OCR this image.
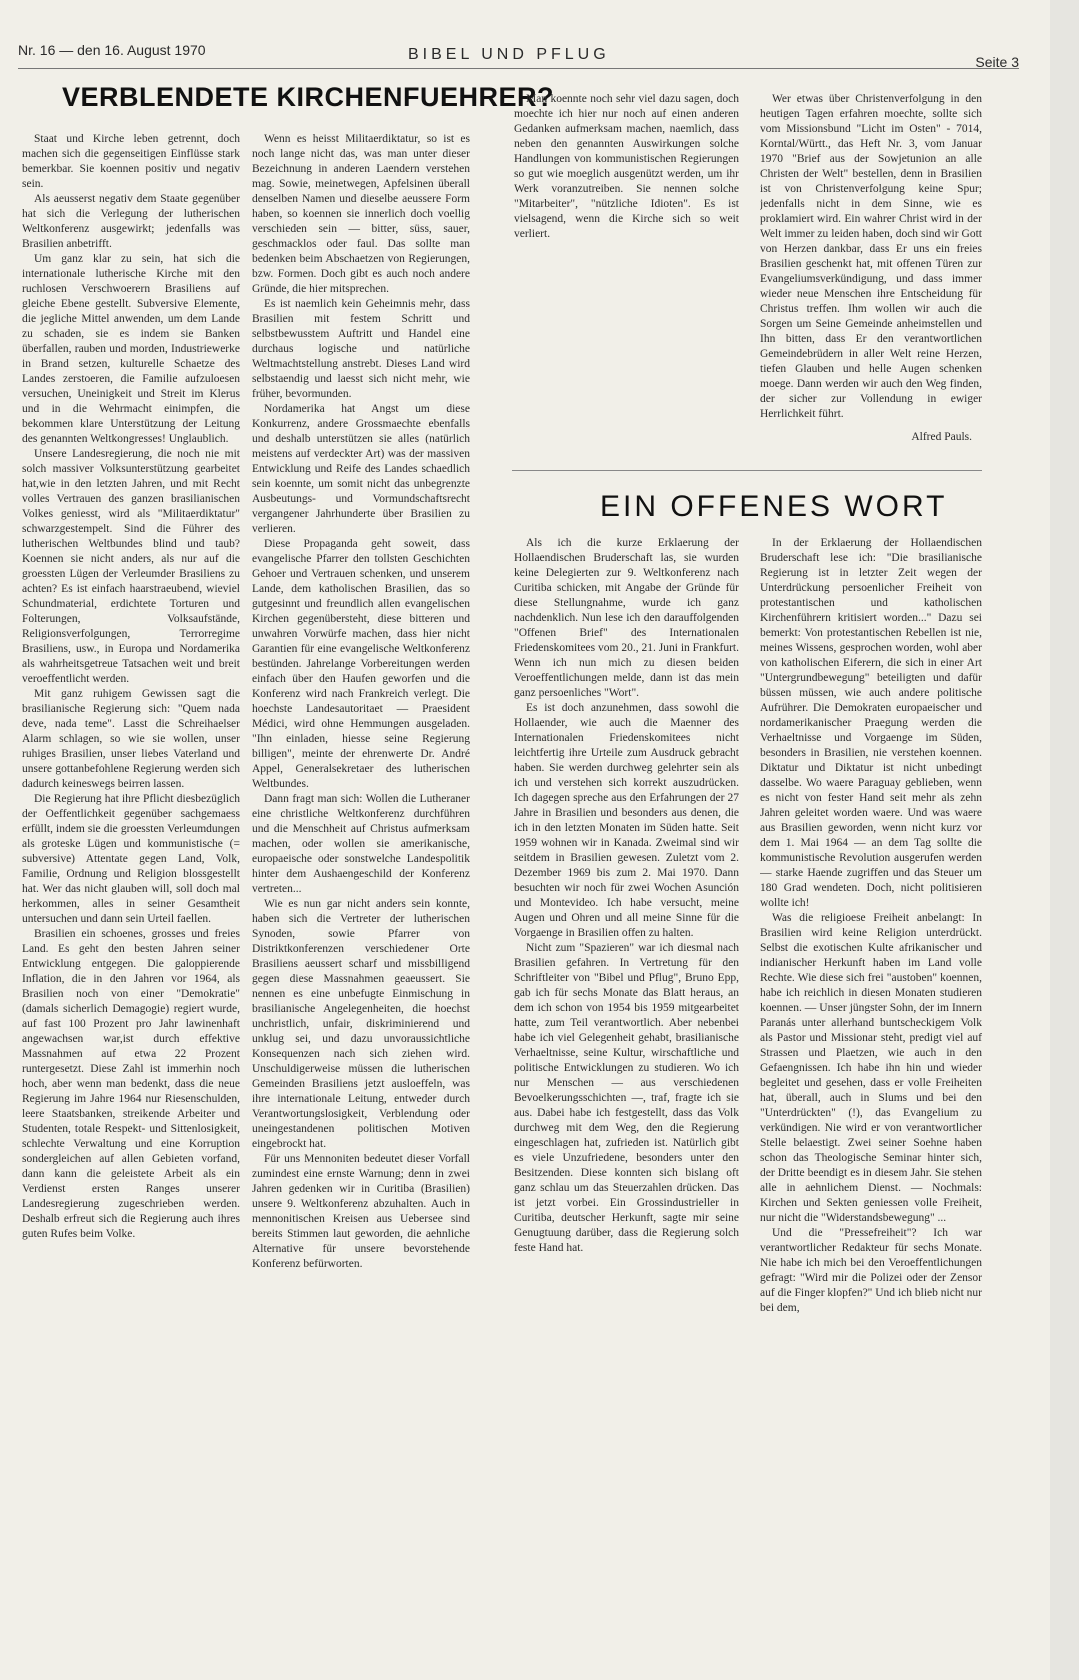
Nr. 16 — den 16. August 1970	BIBEL UND PFLUG	Seite 3
VERBLENDETE KIRCHENFUEHRER?

Staat und Kirche leben getrennt, doch machen sich die gegenseitigen Einflüsse stark bemerkbar. Sie koennen positiv und negativ sein.

Als aeusserst negativ dem Staate gegenüber hat sich die Verlegung der lutherischen Weltkonferenz ausgewirkt; jedenfalls was Brasilien anbetrifft.

Um ganz klar zu sein, hat sich die internationale lutherische Kirche mit den ruchlosen Verschwoerern Brasiliens auf gleiche Ebene gestellt. Subversive Elemente, die jegliche Mittel anwenden, um dem Lande zu schaden, sie es indem sie Banken überfallen, rauben und morden, Industriewerke in Brand setzen, kulturelle Schaetze des Landes zerstoeren, die Familie aufzuloesen versuchen, Uneinigkeit und Streit im Klerus und in die Wehrmacht einimpfen, die bekommen klare Unterstützung der Leitung des genannten Weltkongresses! Unglaublich.

Unsere Landesregierung, die noch nie mit solch massiver Volksunterstützung gearbeitet hat,wie in den letzten Jahren, und mit Recht volles Vertrauen des ganzen brasilianischen Volkes geniesst, wird als "Militaerdiktatur" schwarzgestempelt. Sind die Führer des lutherischen Weltbundes blind und taub? Koennen sie nicht anders, als nur auf die groessten Lügen der Verleumder Brasiliens zu achten? Es ist einfach haarstraeubend, wieviel Schundmaterial, erdichtete Torturen und Folterungen, Volksaufstände, Religionsverfolgungen, Terrorregime Brasiliens, usw., in Europa und Nordamerika als wahrheitsgetreue Tatsachen weit und breit veroeffentlicht werden.

Mit ganz ruhigem Gewissen sagt die brasilianische Regierung sich: "Quem nada deve, nada teme". Lasst die Schreihaelser Alarm schlagen, so wie sie wollen, unser ruhiges Brasilien, unser liebes Vaterland und unsere gottanbefohlene Regierung werden sich dadurch keineswegs beirren lassen.

Die Regierung hat ihre Pflicht diesbezüglich der Oeffentlichkeit gegenüber sachgemaess erfüllt, indem sie die groessten Verleumdungen als groteske Lügen und kommunistische (= subversive) Attentate gegen Land, Volk, Familie, Ordnung und Religion blossgestellt hat. Wer das nicht glauben will, soll doch mal herkommen, alles in seiner Gesamtheit untersuchen und dann sein Urteil faellen.

Brasilien ein schoenes, grosses und freies Land. Es geht den besten Jahren seiner Entwicklung entgegen. Die galoppierende Inflation, die in den Jahren vor 1964, als Brasilien noch von einer "Demokratie" (damals sicherlich Demagogie) regiert wurde, auf fast 100 Prozent pro Jahr lawinenhaft angewachsen war,ist durch effektive Massnahmen auf etwa 22 Prozent runtergesetzt. Diese Zahl ist immerhin noch hoch, aber wenn man bedenkt, dass die neue Regierung im Jahre 1964 nur Riesenschulden, leere Staatsbanken, streikende Arbeiter und Studenten, totale Respekt- und Sittenlosigkeit, schlechte Verwaltung und eine Korruption sondergleichen auf allen Gebieten vorfand, dann kann die geleistete Arbeit als ein Verdienst ersten Ranges unserer Landesregierung zugeschrieben werden. Deshalb erfreut sich die Regierung auch ihres guten Rufes beim Volke.

Wenn es heisst Militaerdiktatur, so ist es noch lange nicht das, was man unter dieser Bezeichnung in anderen Laendern verstehen mag. Sowie, meinetwegen, Apfelsinen überall denselben Namen und dieselbe aeussere Form haben, so koennen sie innerlich doch voellig verschieden sein — bitter, süss, sauer, geschmacklos oder faul. Das sollte man bedenken beim Abschaetzen von Regierungen, bzw. Formen. Doch gibt es auch noch andere Gründe, die hier mitsprechen.

Es ist naemlich kein Geheimnis mehr, dass Brasilien mit festem Schritt und selbstbewusstem Auftritt und Handel eine durchaus logische und natürliche Weltmachtstellung anstrebt. Dieses Land wird selbstaendig und laesst sich nicht mehr, wie früher, bevormunden.

Nordamerika hat Angst um diese Konkurrenz, andere Grossmaechte ebenfalls und deshalb unterstützen sie alles (natürlich meistens auf verdeckter Art) was der massiven Entwicklung und Reife des Landes schaedlich sein koennte, um somit nicht das unbegrenzte Ausbeutungs- und Vormundschaftsrecht vergangener Jahrhunderte über Brasilien zu verlieren.

Diese Propaganda geht soweit, dass evangelische Pfarrer den tollsten Geschichten Gehoer und Vertrauen schenken, und unserem Lande, dem katholischen Brasilien, das so gutgesinnt und freundlich allen evangelischen Kirchen gegenübersteht, diese bitteren und unwahren Vorwürfe machen, dass hier nicht Garantien für eine evangelische Weltkonferenz bestünden. Jahrelange Vorbereitungen werden einfach über den Haufen geworfen und die Konferenz wird nach Frankreich verlegt. Die hoechste Landesautoritaet — Praesident Médici, wird ohne Hemmungen ausgeladen. "Ihn einladen, hiesse seine Regierung billigen", meinte der ehrenwerte Dr. André Appel, Generalsekretaer des lutherischen Weltbundes.

Dann fragt man sich: Wollen die Lutheraner eine christliche Weltkonferenz durchführen und die Menschheit auf Christus aufmerksam machen, oder wollen sie amerikanische, europaeische oder sonstwelche Landespolitik hinter dem Aushaengeschild der Konferenz vertreten...

Wie es nun gar nicht anders sein konnte, haben sich die Vertreter der lutherischen Synoden, sowie Pfarrer von Distriktkonferenzen verschiedener Orte Brasiliens aeussert scharf und missbilligend gegen diese Massnahmen geaeussert. Sie nennen es eine unbefugte Einmischung in brasilianische Angelegenheiten, die hoechst unchristlich, unfair, diskriminierend und unklug sei, und dazu unvoraussichtliche Konsequenzen nach sich ziehen wird. Unschuldigerweise müssen die lutherischen Gemeinden Brasiliens jetzt ausloeffeln, was ihre internationale Leitung, entweder durch Verantwortungslosigkeit, Verblendung oder uneingestandenen politischen Motiven eingebrockt hat.

Für uns Mennoniten bedeutet dieser Vorfall zumindest eine ernste Warnung; denn in zwei Jahren gedenken wir in Curitiba (Brasilien) unsere 9. Weltkonferenz abzuhalten. Auch in mennonitischen Kreisen aus Uebersee sind bereits Stimmen laut geworden, die aehnliche Alternative für unsere bevorstehende Konferenz befürworten.

Man koennte noch sehr viel dazu sagen, doch moechte ich hier nur noch auf einen anderen Gedanken aufmerksam machen, naemlich, dass neben den genannten Auswirkungen solche Handlungen von kommunistischen Regierungen so gut wie moeglich ausgenützt werden, um ihr Werk voranzutreiben. Sie nennen solche "Mitarbeiter", "nützliche Idioten". Es ist vielsagend, wenn die Kirche sich so weit verliert.

Wer etwas über Christenverfolgung in den heutigen Tagen erfahren moechte, sollte sich vom Missionsbund "Licht im Osten" - 7014, Korntal/Württ., das Heft Nr. 3, vom Januar 1970 "Brief aus der Sowjetunion an alle Christen der Welt" bestellen, denn in Brasilien ist von Christenverfolgung keine Spur; jedenfalls nicht in dem Sinne, wie es proklamiert wird. Ein wahrer Christ wird in der Welt immer zu leiden haben, doch sind wir Gott von Herzen dankbar, dass Er uns ein freies Brasilien geschenkt hat, mit offenen Türen zur Evangeliumsverkündigung, und dass immer wieder neue Menschen ihre Entscheidung für Christus treffen. Ihm wollen wir auch die Sorgen um Seine Gemeinde anheimstellen und Ihn bitten, dass Er den verantwortlichen Gemeindebrüdern in aller Welt reine Herzen, tiefen Glauben und helle Augen schenken moege. Dann werden wir auch den Weg finden, der sicher zur Vollendung in ewiger Herrlichkeit führt.

Alfred Pauls.

EIN OFFENES WORT

Als ich die kurze Erklaerung der Hollaendischen Bruderschaft las, sie wurden keine Delegierten zur 9. Weltkonferenz nach Curitiba schicken, mit Angabe der Gründe für diese Stellungnahme, wurde ich ganz nachdenklich. Nun lese ich den darauffolgenden "Offenen Brief" des Internationalen Friedenskomitees vom 20., 21. Juni in Frankfurt. Wenn ich nun mich zu diesen beiden Veroeffentlichungen melde, dann ist das mein ganz persoenliches "Wort".

Es ist doch anzunehmen, dass sowohl die Hollaender, wie auch die Maenner des Internationalen Friedenskomitees nicht leichtfertig ihre Urteile zum Ausdruck gebracht haben. Sie werden durchweg gelehrter sein als ich und verstehen sich korrekt auszudrücken. Ich dagegen spreche aus den Erfahrungen der 27 Jahre in Brasilien und besonders aus denen, die ich in den letzten Monaten im Süden hatte. Seit 1959 wohnen wir in Kanada. Zweimal sind wir seitdem in Brasilien gewesen. Zuletzt vom 2. Dezember 1969 bis zum 2. Mai 1970. Dann besuchten wir noch für zwei Wochen Asunción und Montevideo. Ich habe versucht, meine Augen und Ohren und all meine Sinne für die Vorgaenge in Brasilien offen zu halten.

Nicht zum "Spazieren" war ich diesmal nach Brasilien gefahren. In Vertretung für den Schriftleiter von "Bibel und Pflug", Bruno Epp, gab ich für sechs Monate das Blatt heraus, an dem ich schon von 1954 bis 1959 mitgearbeitet hatte, zum Teil verantwortlich. Aber nebenbei habe ich viel Gelegenheit gehabt, brasilianische Verhaeltnisse, seine Kultur, wirschaftliche und politische Entwicklungen zu studieren. Wo ich nur Menschen — aus verschiedenen Bevoelkerungsschichten —, traf, fragte ich sie aus. Dabei habe ich festgestellt, dass das Volk durchweg mit dem Weg, den die Regierung eingeschlagen hat, zufrieden ist. Natürlich gibt es viele Unzufriedene, besonders unter den Besitzenden. Diese konnten sich bislang oft ganz schlau um das Steuerzahlen drücken. Das ist jetzt vorbei. Ein Grossindustrieller in Curitiba, deutscher Herkunft, sagte mir seine Genugtuung darüber, dass die Regierung solch feste Hand hat.

In der Erklaerung der Hollaendischen Bruderschaft lese ich: "Die brasilianische Regierung ist in letzter Zeit wegen der Unterdrückung persoenlicher Freiheit von protestantischen und katholischen Kirchenführern kritisiert worden..." Dazu sei bemerkt: Von protestantischen Rebellen ist nie, meines Wissens, gesprochen worden, wohl aber von katholischen Eiferern, die sich in einer Art "Untergrundbewegung" beteiligten und dafür büssen müssen, wie auch andere politische Aufrührer. Die Demokraten europaeischer und nordamerikanischer Praegung werden die Verhaeltnisse und Vorgaenge im Süden, besonders in Brasilien, nie verstehen koennen. Diktatur und Diktatur ist nicht unbedingt dasselbe. Wo waere Paraguay geblieben, wenn es nicht von fester Hand seit mehr als zehn Jahren geleitet worden waere. Und was waere aus Brasilien geworden, wenn nicht kurz vor dem 1. Mai 1964 — an dem Tag sollte die kommunistische Revolution ausgerufen werden — starke Haende zugriffen und das Steuer um 180 Grad wendeten. Doch, nicht politisieren wollte ich!

Was die religioese Freiheit anbelangt: In Brasilien wird keine Religion unterdrückt. Selbst die exotischen Kulte afrikanischer und indianischer Herkunft haben im Land volle Rechte. Wie diese sich frei "austoben" koennen, habe ich reichlich in diesen Monaten studieren koennen. — Unser jüngster Sohn, der im Innern Paranás unter allerhand buntscheckigem Volk als Pastor und Missionar steht, predigt viel auf Strassen und Plaetzen, wie auch in den Gefaengnissen. Ich habe ihn hin und wieder begleitet und gesehen, dass er volle Freiheiten hat, überall, auch in Slums und bei den "Unterdrückten" (!), das Evangelium zu verkündigen. Nie wird er von verantwortlicher Stelle belaestigt. Zwei seiner Soehne haben schon das Theologische Seminar hinter sich, der Dritte beendigt es in diesem Jahr. Sie stehen alle in aehnlichem Dienst. — Nochmals: Kirchen und Sekten geniessen volle Freiheit, nur nicht die "Widerstandsbewegung" ...

Und die "Pressefreiheit"? Ich war verantwortlicher Redakteur für sechs Monate. Nie habe ich mich bei den Veroeffentlichungen gefragt: "Wird mir die Polizei oder der Zensor auf die Finger klopfen?" Und ich blieb nicht nur bei dem,
